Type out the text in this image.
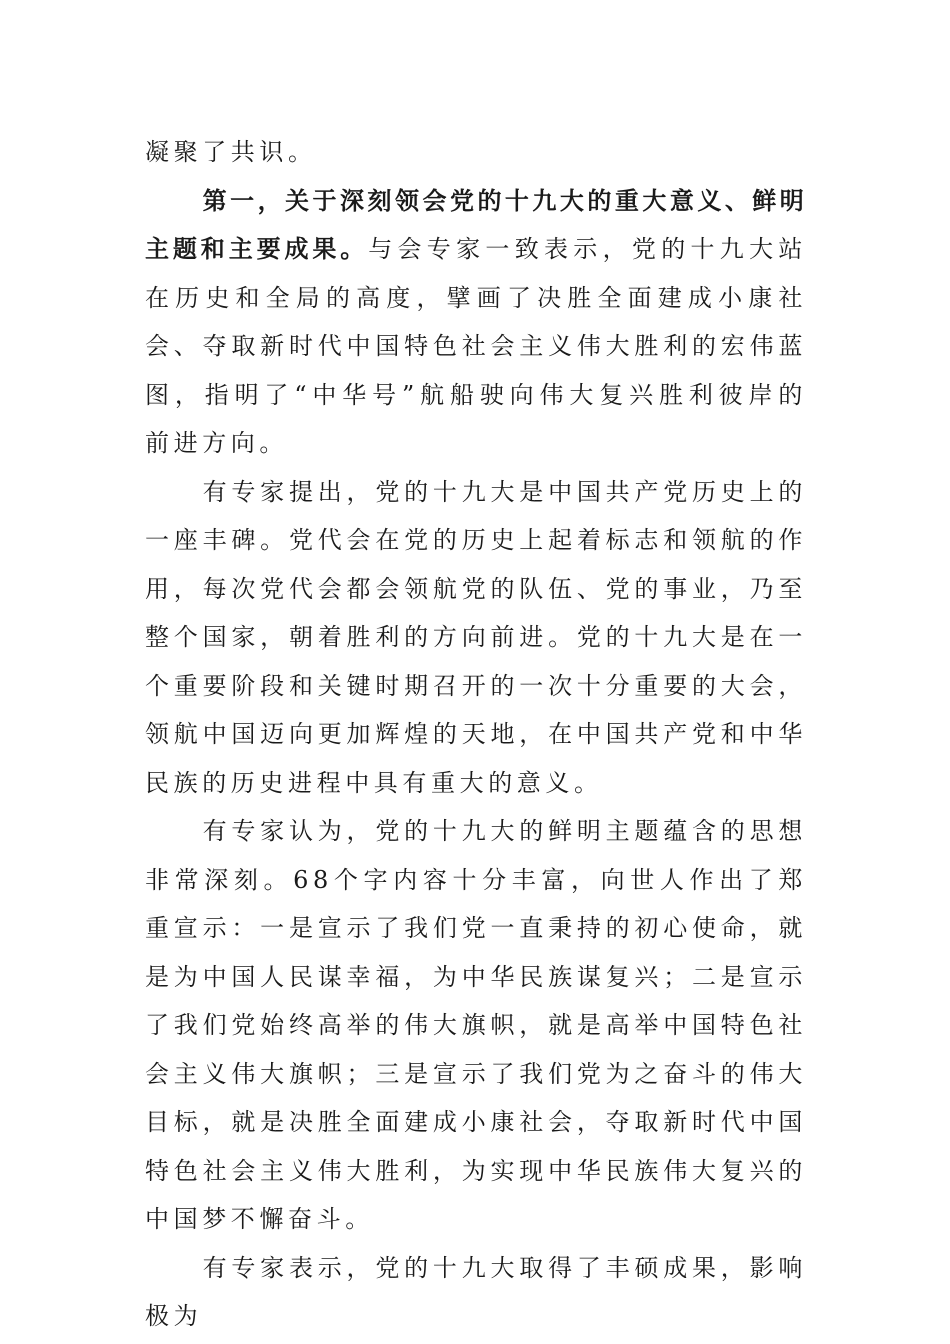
凝聚了共识。

第一，关于深刻领会党的十九大的重大意义、鲜明主题和主要成果。与会专家一致表示，党的十九大站在历史和全局的高度，擘画了决胜全面建成小康社会、夺取新时代中国特色社会主义伟大胜利的宏伟蓝图，指明了“中华号”航船驶向伟大复兴胜利彼岸的前进方向。

有专家提出，党的十九大是中国共产党历史上的一座丰碑。党代会在党的历史上起着标志和领航的作用，每次党代会都会领航党的队伍、党的事业，乃至整个国家，朝着胜利的方向前进。党的十九大是在一个重要阶段和关键时期召开的一次十分重要的大会，领航中国迈向更加辉煌的天地，在中国共产党和中华民族的历史进程中具有重大的意义。

有专家认为，党的十九大的鲜明主题蕴含的思想非常深刻。68个字内容十分丰富，向世人作出了郑重宣示：一是宣示了我们党一直秉持的初心使命，就是为中国人民谋幸福，为中华民族谋复兴；二是宣示了我们党始终高举的伟大旗帜，就是高举中国特色社会主义伟大旗帜；三是宣示了我们党为之奋斗的伟大目标，就是决胜全面建成小康社会，夺取新时代中国特色社会主义伟大胜利，为实现中华民族伟大复兴的中国梦不懈奋斗。

有专家表示，党的十九大取得了丰硕成果，影响极为
